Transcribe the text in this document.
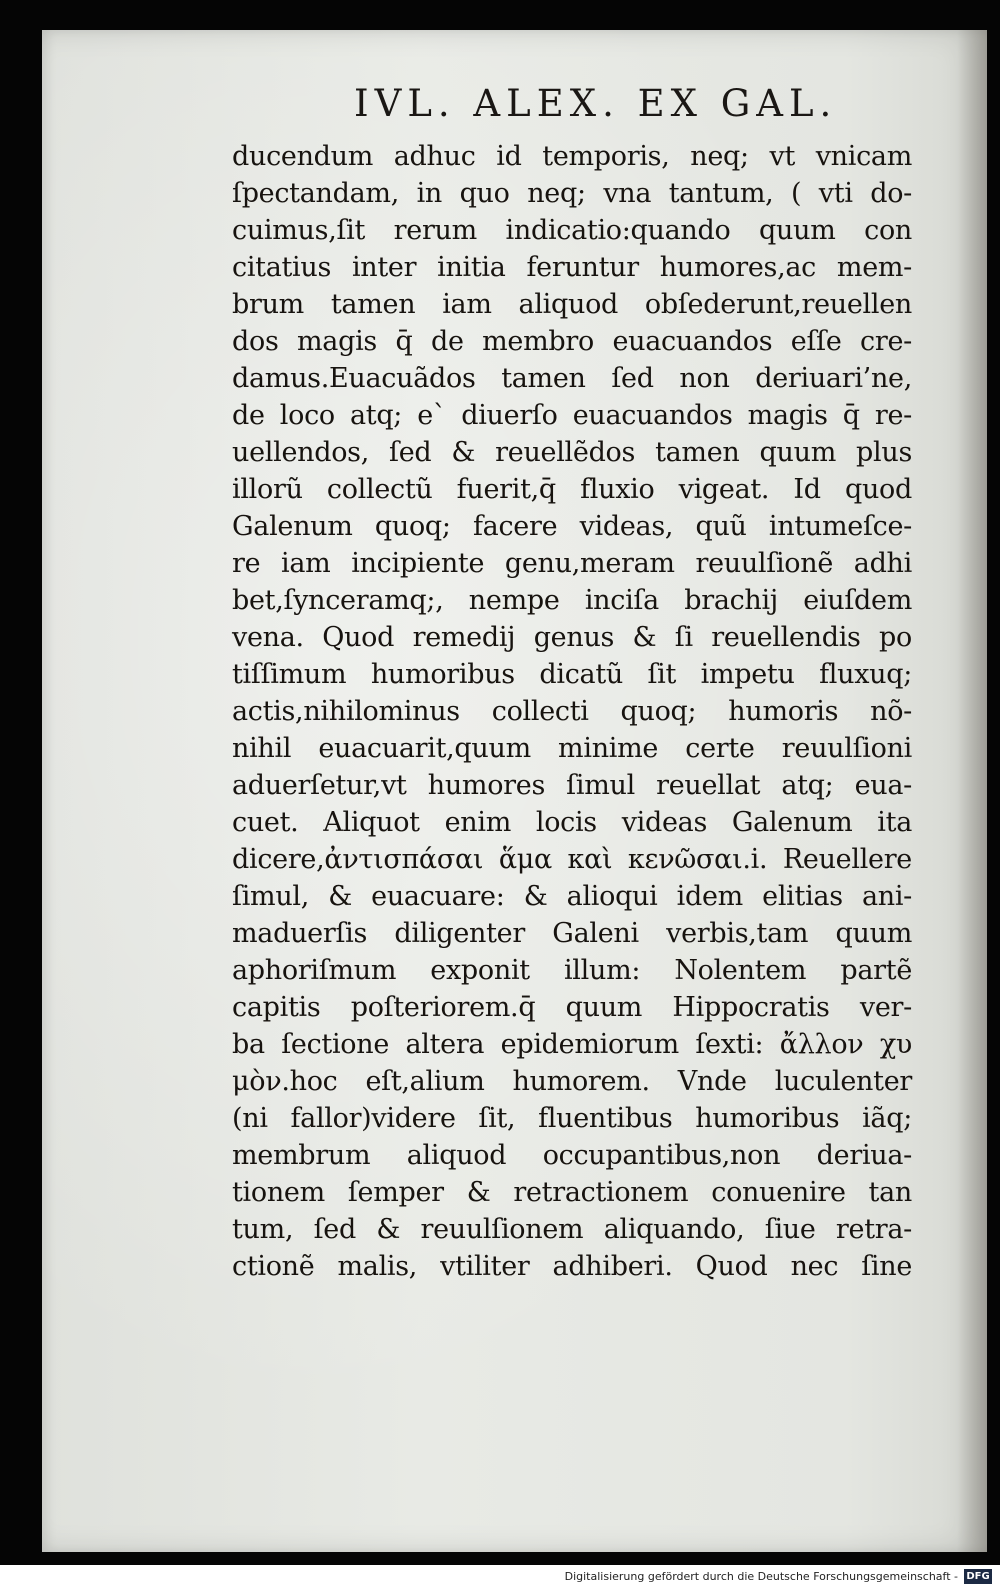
IVL. ALEX. EX GAL.
ducendum adhuc id temporis, neq; vt vnicam
ſpectandam, in quo neq; vna tantum, ( vti do-
cuimus,ſit rerum indicatio:quando quum con
citatius inter initia feruntur humores,ac mem-
brum tamen iam aliquod obſederunt,reuellen
dos magis q̄ de membro euacuandos eſſe cre-
damus.Euacuãdos tamen ſed non deriuari’ne,
de loco atq; e` diuerſo euacuandos magis q̄ re-
uellendos, ſed & reuellẽdos tamen quum plus
illorũ collectũ fuerit,q̄ fluxio vigeat. Id quod
Galenum quoq; facere videas, quũ intumeſce-
re iam incipiente genu,meram reuulſionẽ adhi
bet,ſynceramq;, nempe inciſa brachij eiuſdem
vena. Quod remedij genus & ſi reuellendis po
tiſſimum humoribus dicatũ ſit impetu fluxuq;
actis,nihilominus collecti quoq; humoris nõ-
nihil euacuarit,quum minime certe reuulſioni
aduerſetur,vt humores ſimul reuellat atq; eua-
cuet. Aliquot enim locis videas Galenum ita
dicere,ἀντισπάσαι ἅμα καὶ κενῶσαι.i. Reuellere
ſimul, & euacuare: & alioqui idem elitias ani-
maduerſis diligenter Galeni verbis,tam quum
aphoriſmum exponit illum: Nolentem partẽ
capitis poſteriorem.q̄ quum Hippocratis ver-
ba ſectione altera epidemiorum ſexti: ἄλλον χυ
μὸν.hoc eſt,alium humorem. Vnde luculenter
(ni fallor)videre ſit, fluentibus humoribus iãq;
membrum aliquod occupantibus,non deriua-
tionem ſemper & retractionem conuenire tan
tum, ſed & reuulſionem aliquando, ſiue retra-
ctionẽ malis, vtiliter adhiberi. Quod nec ſine
Digitalisierung gefördert durch die Deutsche Forschungsgemeinschaft - DFG
